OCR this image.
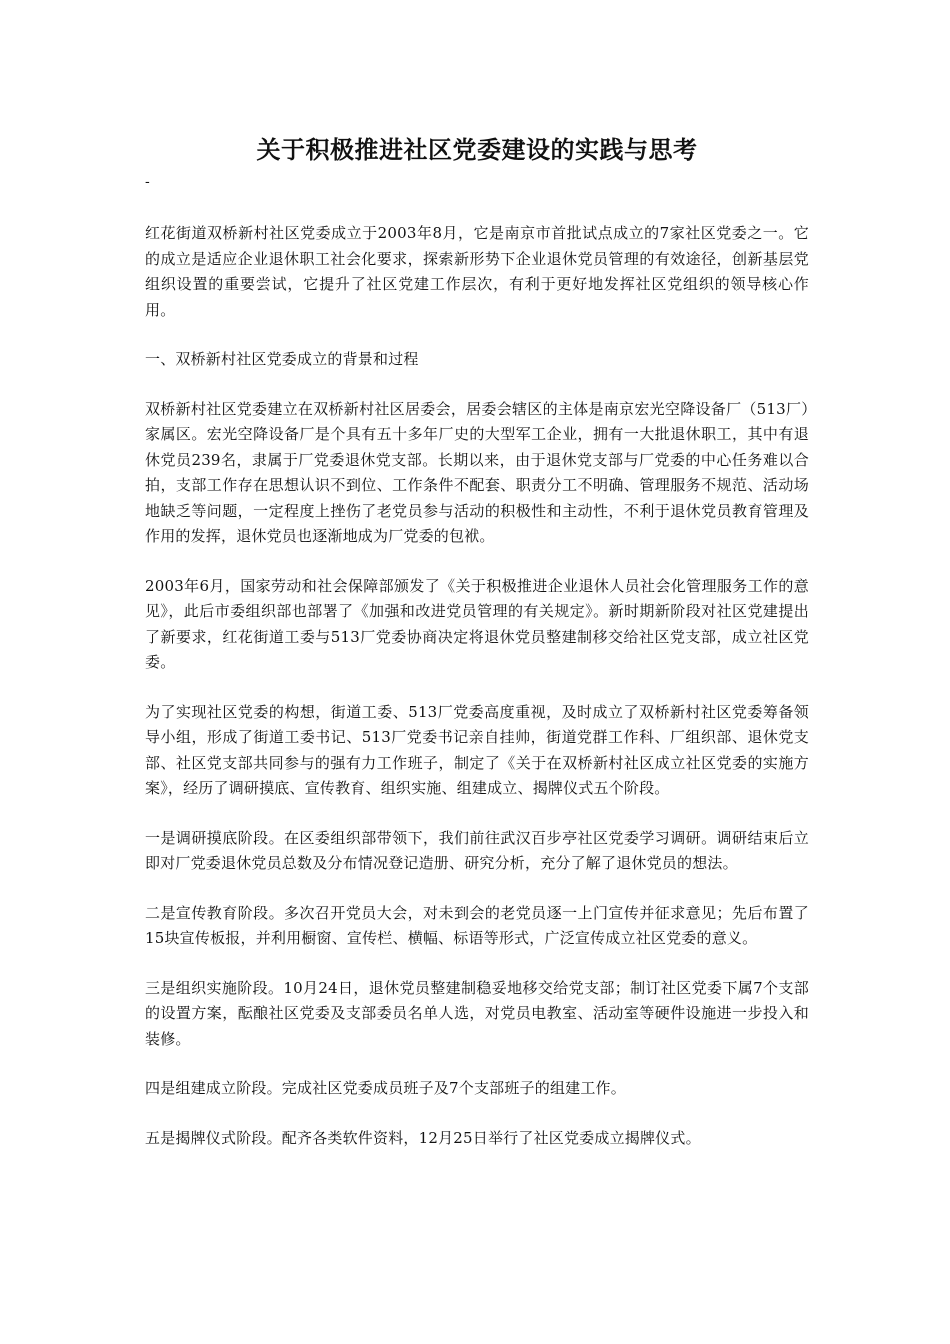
关于积极推进社区党委建设的实践与思考
-

红花街道双桥新村社区党委成立于2003年8月，它是南京市首批试点成立的7家社区党委之一。它的成立是适应企业退休职工社会化要求，探索新形势下企业退休党员管理的有效途径，创新基层党组织设置的重要尝试，它提升了社区党建工作层次，有利于更好地发挥社区党组织的领导核心作用。

一、双桥新村社区党委成立的背景和过程

双桥新村社区党委建立在双桥新村社区居委会，居委会辖区的主体是南京宏光空降设备厂（513厂）家属区。宏光空降设备厂是个具有五十多年厂史的大型军工企业，拥有一大批退休职工，其中有退休党员239名，隶属于厂党委退休党支部。长期以来，由于退休党支部与厂党委的中心任务难以合拍，支部工作存在思想认识不到位、工作条件不配套、职责分工不明确、管理服务不规范、活动场地缺乏等问题，一定程度上挫伤了老党员参与活动的积极性和主动性，不利于退休党员教育管理及作用的发挥，退休党员也逐渐地成为厂党委的包袱。

2003年6月，国家劳动和社会保障部颁发了《关于积极推进企业退休人员社会化管理服务工作的意见》，此后市委组织部也部署了《加强和改进党员管理的有关规定》。新时期新阶段对社区党建提出了新要求，红花街道工委与513厂党委协商决定将退休党员整建制移交给社区党支部，成立社区党委。

为了实现社区党委的构想，街道工委、513厂党委高度重视，及时成立了双桥新村社区党委筹备领导小组，形成了街道工委书记、513厂党委书记亲自挂帅，街道党群工作科、厂组织部、退休党支部、社区党支部共同参与的强有力工作班子，制定了《关于在双桥新村社区成立社区党委的实施方案》，经历了调研摸底、宣传教育、组织实施、组建成立、揭牌仪式五个阶段。

一是调研摸底阶段。在区委组织部带领下，我们前往武汉百步亭社区党委学习调研。调研结束后立即对厂党委退休党员总数及分布情况登记造册、研究分析，充分了解了退休党员的想法。

二是宣传教育阶段。多次召开党员大会，对未到会的老党员逐一上门宣传并征求意见；先后布置了15块宣传板报，并利用橱窗、宣传栏、横幅、标语等形式，广泛宣传成立社区党委的意义。

三是组织实施阶段。10月24日，退休党员整建制稳妥地移交给党支部；制订社区党委下属7个支部的设置方案，酝酿社区党委及支部委员名单人选，对党员电教室、活动室等硬件设施进一步投入和装修。

四是组建成立阶段。完成社区党委成员班子及7个支部班子的组建工作。

五是揭牌仪式阶段。配齐各类软件资料，12月25日举行了社区党委成立揭牌仪式。
